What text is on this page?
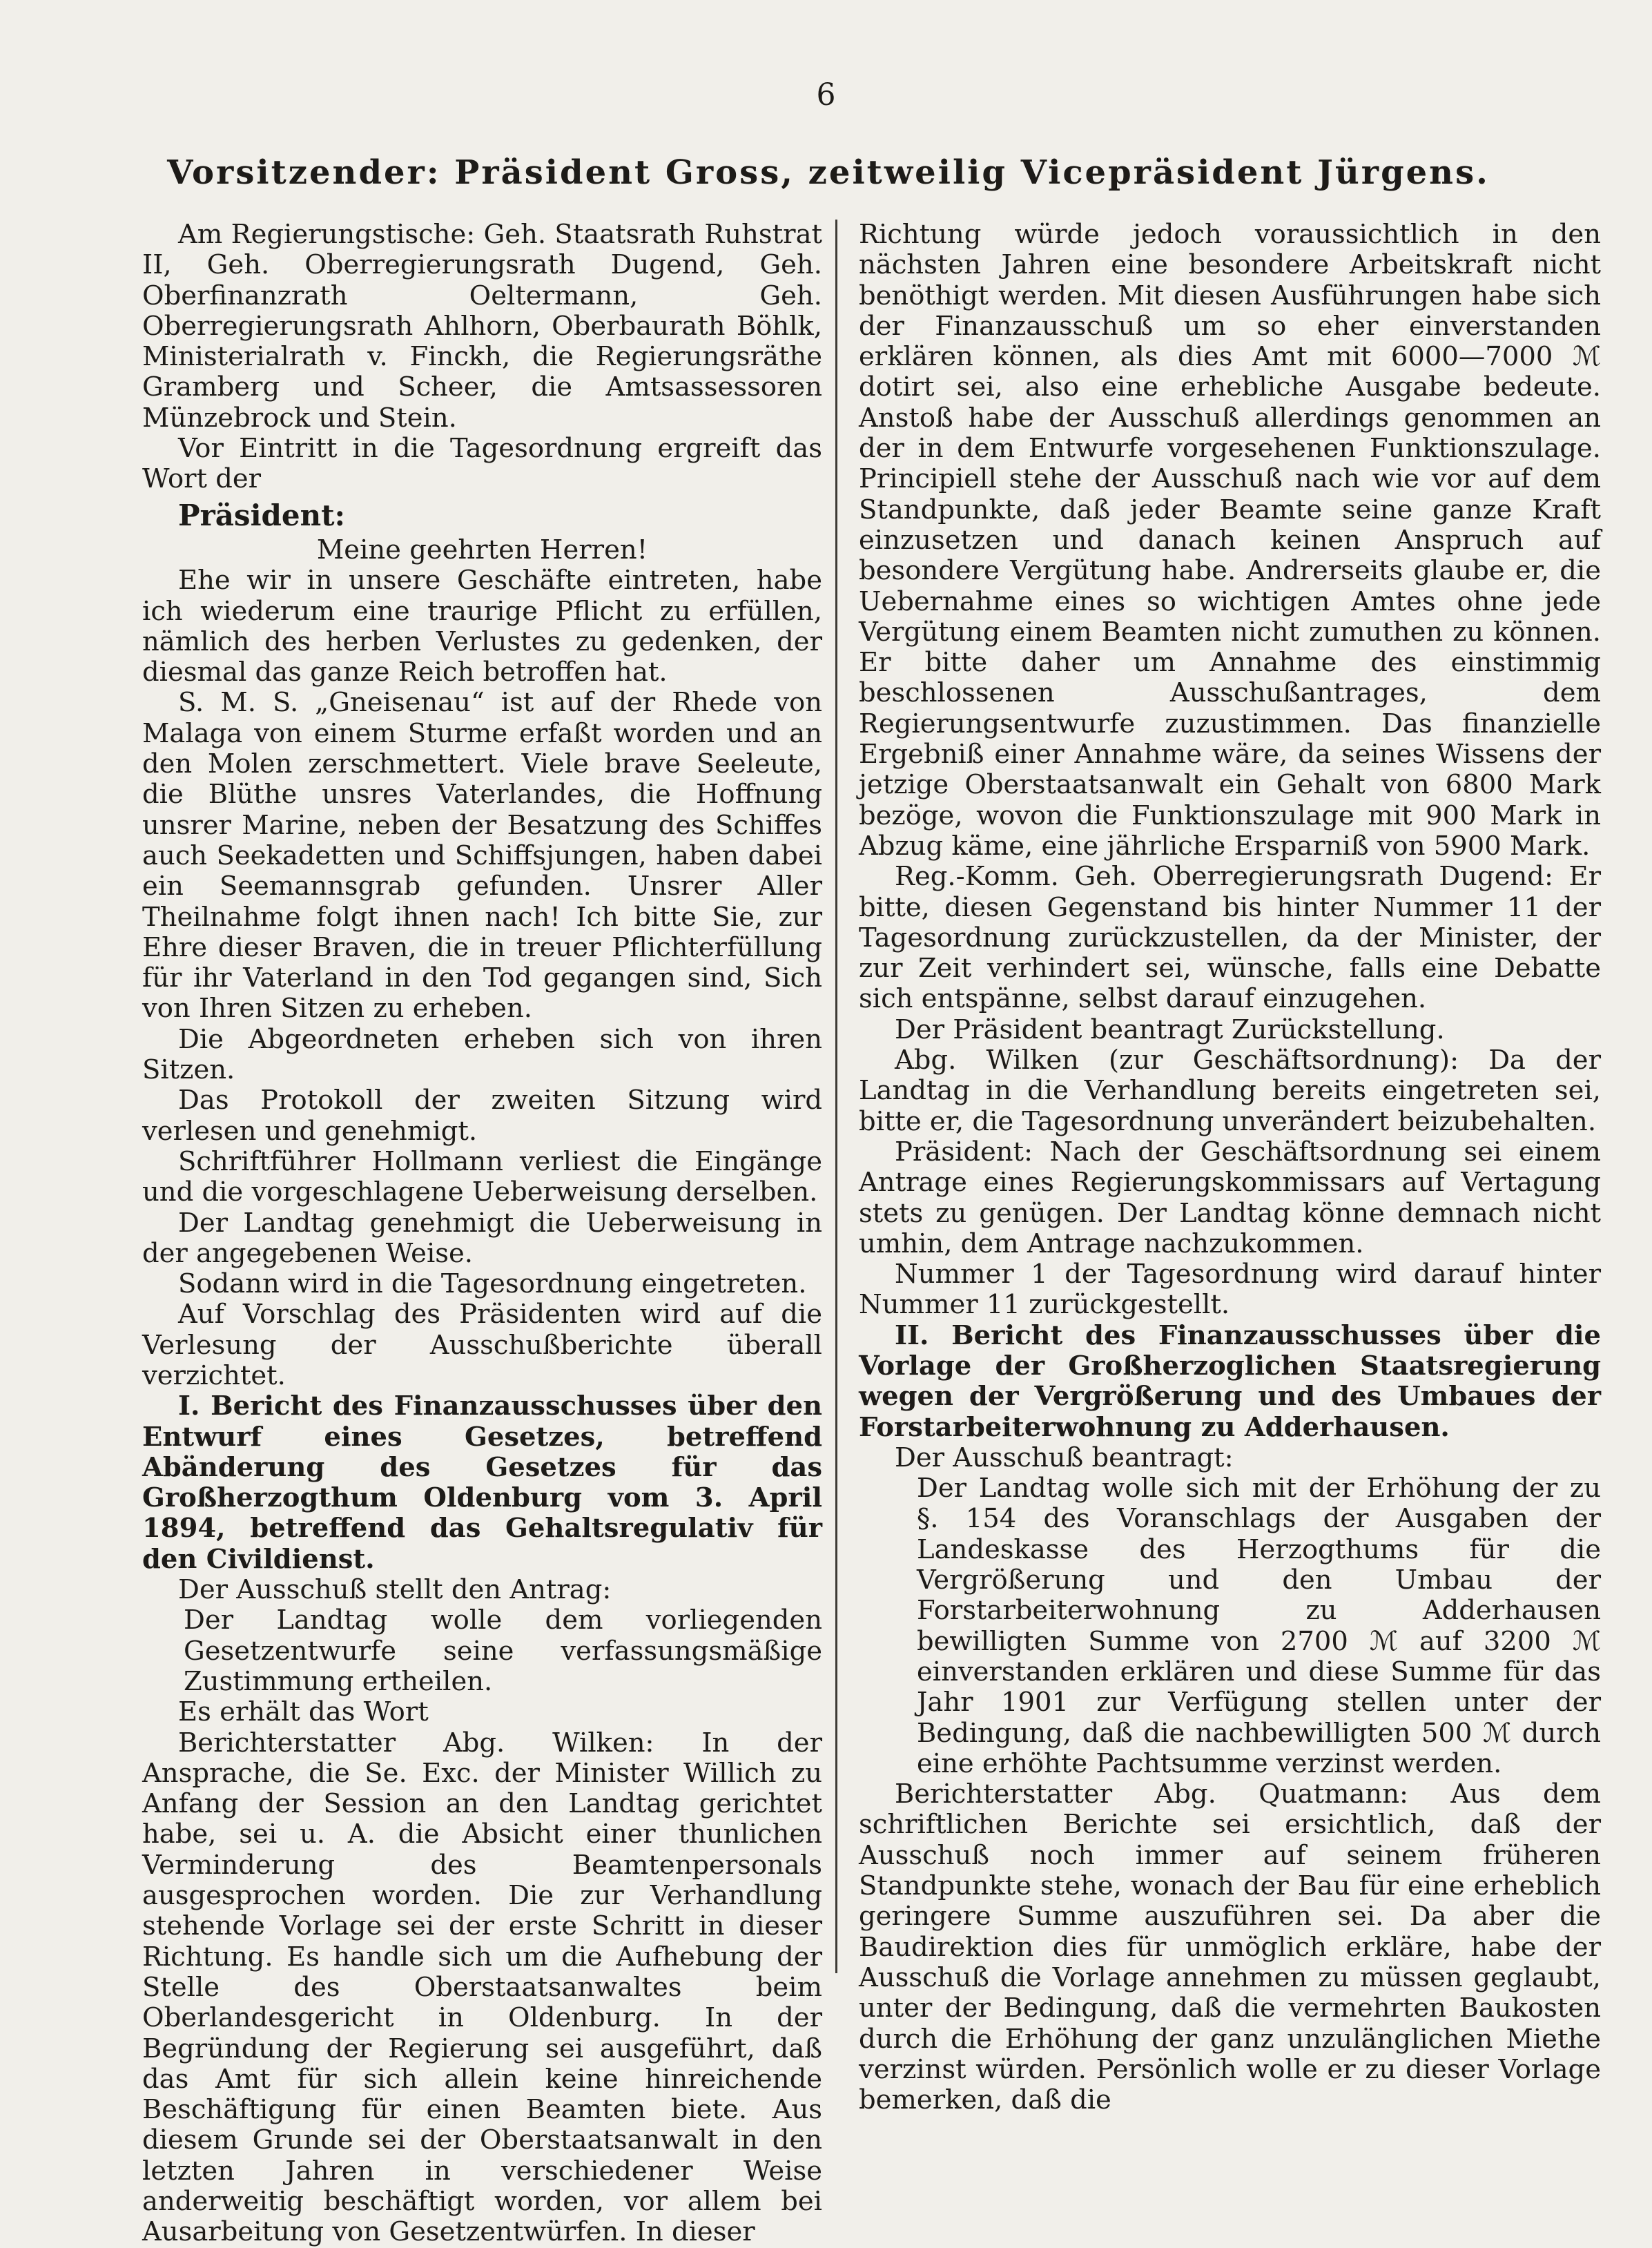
6
Vorsitzender: Präsident Gross, zeitweilig Vicepräsident Jürgens.

Am Regierungstische: Geh. Staatsrath Ruhstrat II, Geh. Oberregierungsrath Dugend, Geh. Oberfinanzrath Oeltermann, Geh. Oberregierungsrath Ahlhorn, Oberbaurath Böhlk, Ministerialrath v. Finckh, die Regierungsräthe Gramberg und Scheer, die Amtsassessoren Münzebrock und Stein.

Vor Eintritt in die Tagesordnung ergreift das Wort der

Präsident:

Meine geehrten Herren!

Ehe wir in unsere Geschäfte eintreten, habe ich wiederum eine traurige Pflicht zu erfüllen, nämlich des herben Verlustes zu gedenken, der diesmal das ganze Reich betroffen hat.

S. M. S. „Gneisenau“ ist auf der Rhede von Malaga von einem Sturme erfaßt worden und an den Molen zerschmettert. Viele brave Seeleute, die Blüthe unsres Vaterlandes, die Hoffnung unsrer Marine, neben der Besatzung des Schiffes auch Seekadetten und Schiffsjungen, haben dabei ein Seemannsgrab gefunden. Unsrer Aller Theilnahme folgt ihnen nach! Ich bitte Sie, zur Ehre dieser Braven, die in treuer Pflichterfüllung für ihr Vaterland in den Tod gegangen sind, Sich von Ihren Sitzen zu erheben.

Die Abgeordneten erheben sich von ihren Sitzen.

Das Protokoll der zweiten Sitzung wird verlesen und genehmigt.

Schriftführer Hollmann verliest die Eingänge und die vorgeschlagene Ueberweisung derselben.

Der Landtag genehmigt die Ueberweisung in der angegebenen Weise.

Sodann wird in die Tagesordnung eingetreten.

Auf Vorschlag des Präsidenten wird auf die Verlesung der Ausschußberichte überall verzichtet.

I. Bericht des Finanzausschusses über den Entwurf eines Gesetzes, betreffend Abänderung des Gesetzes für das Großherzogthum Oldenburg vom 3. April 1894, betreffend das Gehaltsregulativ für den Civildienst.

Der Ausschuß stellt den Antrag:

Der Landtag wolle dem vorliegenden Gesetzentwurfe seine verfassungsmäßige Zustimmung ertheilen.

Es erhält das Wort

Berichterstatter Abg. Wilken: In der Ansprache, die Se. Exc. der Minister Willich zu Anfang der Session an den Landtag gerichtet habe, sei u. A. die Absicht einer thunlichen Verminderung des Beamtenpersonals ausgesprochen worden. Die zur Verhandlung stehende Vorlage sei der erste Schritt in dieser Richtung. Es handle sich um die Aufhebung der Stelle des Oberstaatsanwaltes beim Oberlandesgericht in Oldenburg. In der Begründung der Regierung sei ausgeführt, daß das Amt für sich allein keine hinreichende Beschäftigung für einen Beamten biete. Aus diesem Grunde sei der Oberstaatsanwalt in den letzten Jahren in verschiedener Weise anderweitig beschäftigt worden, vor allem bei Ausarbeitung von Gesetzentwürfen. In dieser

Richtung würde jedoch voraussichtlich in den nächsten Jahren eine besondere Arbeitskraft nicht benöthigt werden. Mit diesen Ausführungen habe sich der Finanzausschuß um so eher einverstanden erklären können, als dies Amt mit 6000—7000 ℳ dotirt sei, also eine erhebliche Ausgabe bedeute. Anstoß habe der Ausschuß allerdings genommen an der in dem Entwurfe vorgesehenen Funktionszulage. Principiell stehe der Ausschuß nach wie vor auf dem Standpunkte, daß jeder Beamte seine ganze Kraft einzusetzen und danach keinen Anspruch auf besondere Vergütung habe. Andrerseits glaube er, die Uebernahme eines so wichtigen Amtes ohne jede Vergütung einem Beamten nicht zumuthen zu können. Er bitte daher um Annahme des einstimmig beschlossenen Ausschußantrages, dem Regierungsentwurfe zuzustimmen. Das finanzielle Ergebniß einer Annahme wäre, da seines Wissens der jetzige Oberstaatsanwalt ein Gehalt von 6800 Mark bezöge, wovon die Funktionszulage mit 900 Mark in Abzug käme, eine jährliche Ersparniß von 5900 Mark.

Reg.-Komm. Geh. Oberregierungsrath Dugend: Er bitte, diesen Gegenstand bis hinter Nummer 11 der Tagesordnung zurückzustellen, da der Minister, der zur Zeit verhindert sei, wünsche, falls eine Debatte sich entspänne, selbst darauf einzugehen.

Der Präsident beantragt Zurückstellung.

Abg. Wilken (zur Geschäftsordnung): Da der Landtag in die Verhandlung bereits eingetreten sei, bitte er, die Tagesordnung unverändert beizubehalten.

Präsident: Nach der Geschäftsordnung sei einem Antrage eines Regierungskommissars auf Vertagung stets zu genügen. Der Landtag könne demnach nicht umhin, dem Antrage nachzukommen.

Nummer 1 der Tagesordnung wird darauf hinter Nummer 11 zurückgestellt.

II. Bericht des Finanzausschusses über die Vorlage der Großherzoglichen Staatsregierung wegen der Vergrößerung und des Umbaues der Forstarbeiterwohnung zu Adderhausen.

Der Ausschuß beantragt:

Der Landtag wolle sich mit der Erhöhung der zu §. 154 des Voranschlags der Ausgaben der Landeskasse des Herzogthums für die Vergrößerung und den Umbau der Forstarbeiterwohnung zu Adderhausen bewilligten Summe von 2700 ℳ auf 3200 ℳ einverstanden erklären und diese Summe für das Jahr 1901 zur Verfügung stellen unter der Bedingung, daß die nachbewilligten 500 ℳ durch eine erhöhte Pachtsumme verzinst werden.

Berichterstatter Abg. Quatmann: Aus dem schriftlichen Berichte sei ersichtlich, daß der Ausschuß noch immer auf seinem früheren Standpunkte stehe, wonach der Bau für eine erheblich geringere Summe auszuführen sei. Da aber die Baudirektion dies für unmöglich erkläre, habe der Ausschuß die Vorlage annehmen zu müssen geglaubt, unter der Bedingung, daß die vermehrten Baukosten durch die Erhöhung der ganz unzulänglichen Miethe verzinst würden. Persönlich wolle er zu dieser Vorlage bemerken, daß die
